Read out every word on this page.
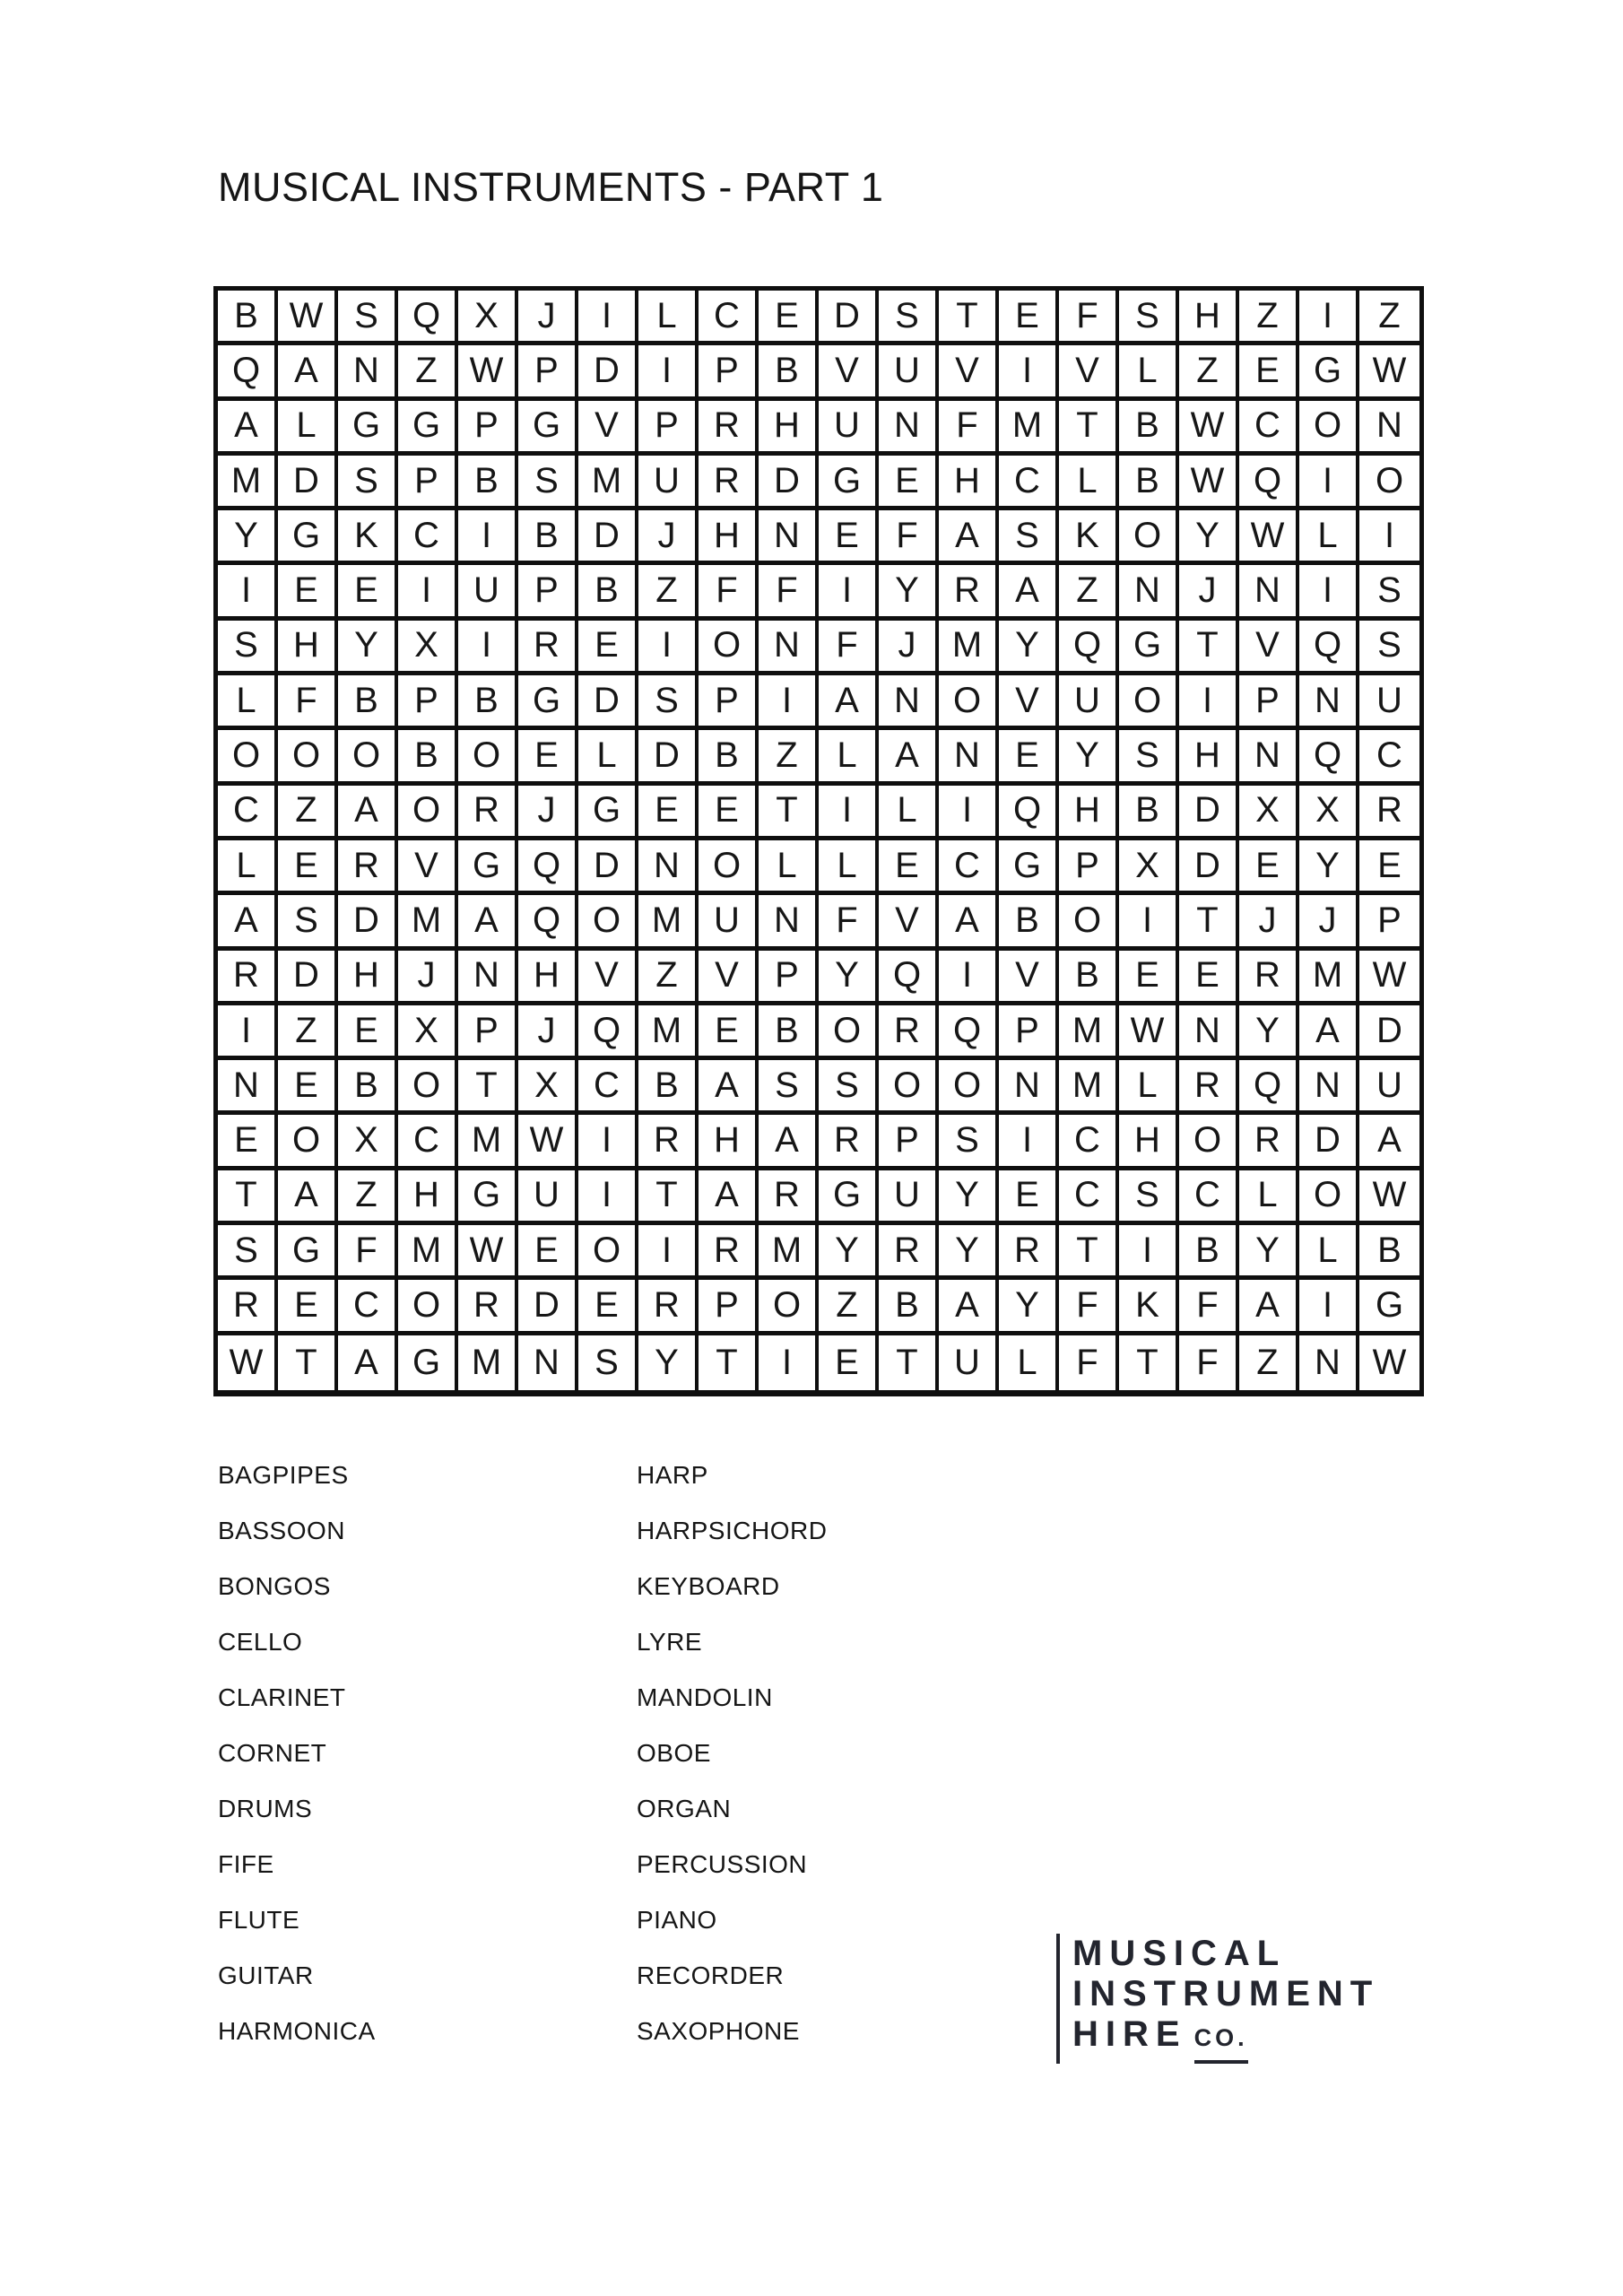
MUSICAL INSTRUMENTS - PART 1
B W S Q X	J	I	L	C E D S	T	E	F	S H	Z	I	Z
Q A N	Z W P D	I	P	B	V U V	I	V	L	Z	E G W
A	L	G G P G V	P R H U N	F M T	B W C O N
M D S	P	B	S M U R D G E H C	L	B W Q	I	O
Y G K C	I	B D	J	H N E	F	A	S	K O Y W L	I
I	E	E	I	U P	B	Z	F	F	I	Y R A	Z	N	J	N	I	S
S H Y	X	I	R E	I	O N	F	J	M Y Q G T	V Q	S
L	F	B	P	B G D S	P	I	A N O V U O	I	P N	U
O O O B O E	L	D B	Z	L	A N E	Y	S H N Q C
C	Z	A O R	J	G E	E	T	I	L	I	Q H B D X	X	R
L	E R V G Q D N O	L	L	E C G P	X D E	Y	E
A	S D M A Q O M U N	F	V	A	B O	I	T	J	J	P
R D H	J	N H V	Z	V	P	Y Q	I	V	B	E	E R M W
I	Z	E	X	P	J	Q M E	B O R Q P M W N Y	A	D
N E	B O T	X C B	A	S	S O O N M L	R Q N	U
E O X C M W	I	R H A R P	S	I	C H O R D	A
T	A	Z	H G U	I	T	A R G U Y	E C S C	L	O W
S G F M W E O	I	R M Y R Y R	T	I	B	Y	L	B
R E C O R D E R P O Z	B	A	Y	F	K	F	A	I	G
W T	A G M N S	Y	T	I	E	T	U	L	F	T	F	Z	N W
BAGPIPES
BASSOON
BONGOS
CELLO
CLARINET
CORNET
DRUMS
FIFE
FLUTE
GUITAR
HARMONICA
HARP
HARPSICHORD
KEYBOARD
LYRE
MANDOLIN
OBOE
ORGAN
PERCUSSION
PIANO
RECORDER
SAXOPHONE
MUSICAL
INSTRUMENT
HIRE CO.
